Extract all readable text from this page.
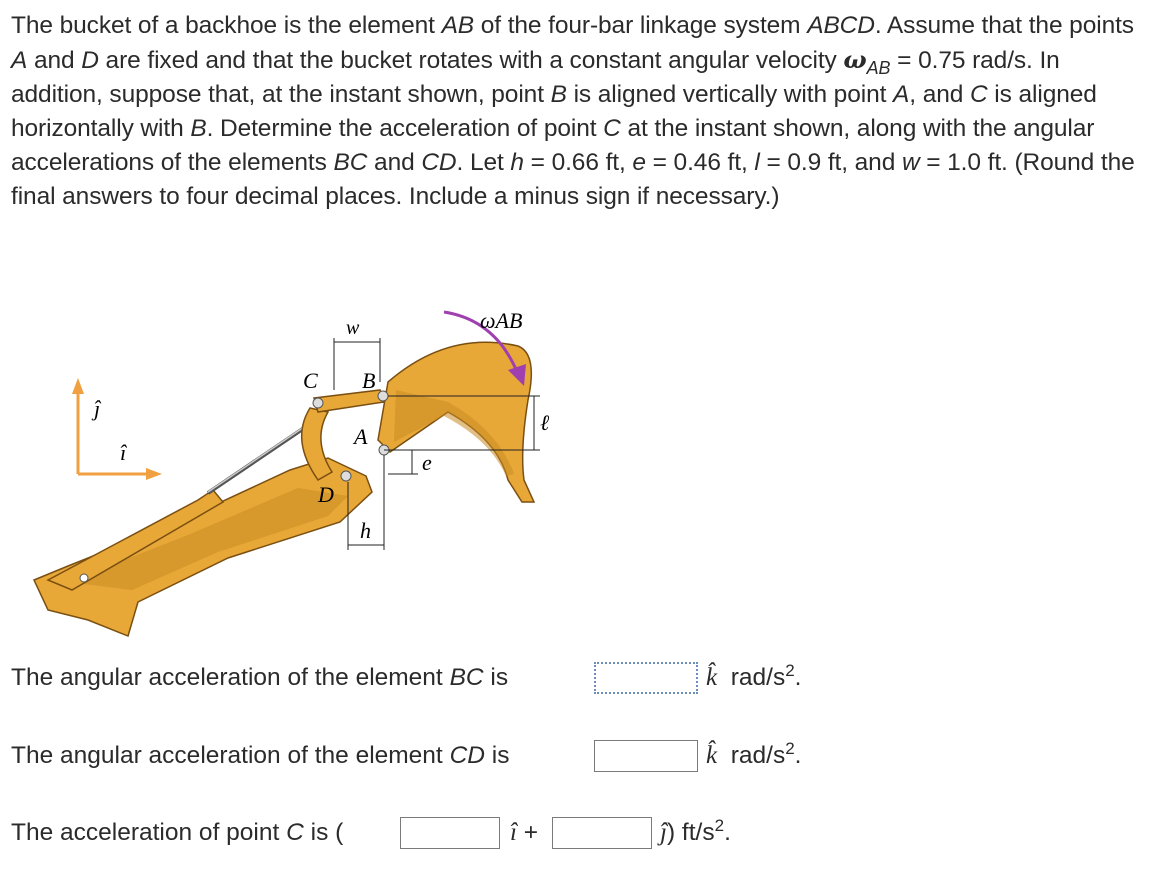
The bucket of a backhoe is the element AB of the four-bar linkage system ABCD. Assume that the points A and D are fixed and that the bucket rotates with a constant angular velocity $\omega_{AB} = 0.75$ rad/s. In addition, suppose that, at the instant shown, point B is aligned vertically with point A, and C is aligned horizontally with B. Determine the acceleration of point C at the instant shown, along with the angular accelerations of the elements BC and CD. Let h = 0.66 ft, e = 0.46 ft, l = 0.9 ft, and w = 1.0 ft. (Round the final answers to four decimal places. Include a minus sign if necessary.)
ĵ
î
w	ωAB
C B
A
D
e
h
ℓ
The angular acceleration of the element BC is	k̂ rad/$s^2$.
The angular acceleration of the element CD is	k̂ rad/$s^2$.
The acceleration of point C is (	î +	ĵ) $ft/s^2$.
